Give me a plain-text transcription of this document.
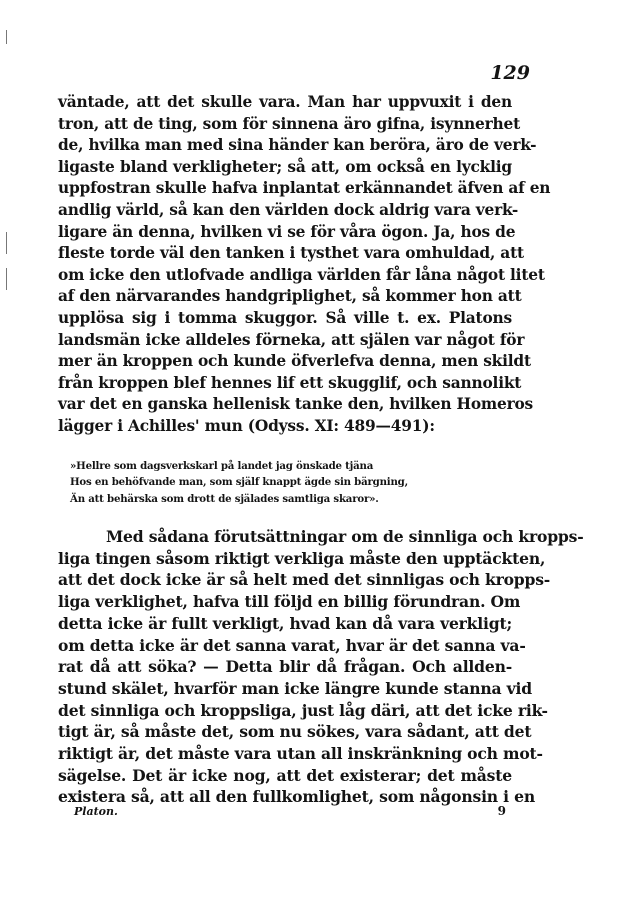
129
väntade, att det skulle vara. Man har uppvuxit i den
tron, att de ting, som för sinnena äro gifna, isynnerhet
de, hvilka man med sina händer kan beröra, äro de verk-
ligaste bland verkligheter; så att, om också en lycklig
uppfostran skulle hafva inplantat erkännandet äfven af en
andlig värld, så kan den världen dock aldrig vara verk-
ligare än denna, hvilken vi se för våra ögon. Ja, hos de
fleste torde väl den tanken i tysthet vara omhuldad, att
om icke den utlofvade andliga världen får låna något litet
af den närvarandes handgriplighet, så kommer hon att
upplösa sig i tomma skuggor. Så ville t. ex. Platons
landsmän icke alldeles förneka, att själen var något för
mer än kroppen och kunde öfverlefva denna, men skildt
från kroppen blef hennes lif ett skugglif, och sannolikt
var det en ganska hellenisk tanke den, hvilken Homeros
lägger i Achilles' mun (Odyss. XI: 489—491):
»Hellre som dagsverkskarl på landet jag önskade tjäna
Hos en behöfvande man, som själf knappt ägde sin bärgning,
Än att behärska som drott de själades samtliga skaror».
Med sådana förutsättningar om de sinnliga och kropps-
liga tingen såsom riktigt verkliga måste den upptäckten,
att det dock icke är så helt med det sinnligas och kropps-
liga verklighet, hafva till följd en billig förundran. Om
detta icke är fullt verkligt, hvad kan då vara verkligt;
om detta icke är det sanna varat, hvar är det sanna va-
rat då att söka? — Detta blir då frågan. Och allden-
stund skälet, hvarför man icke längre kunde stanna vid
det sinnliga och kroppsliga, just låg däri, att det icke rik-
tigt är, så måste det, som nu sökes, vara sådant, att det
riktigt är, det måste vara utan all inskränkning och mot-
sägelse. Det är icke nog, att det existerar; det måste
existera så, att all den fullkomlighet, som någonsin i en
Platon.	9
